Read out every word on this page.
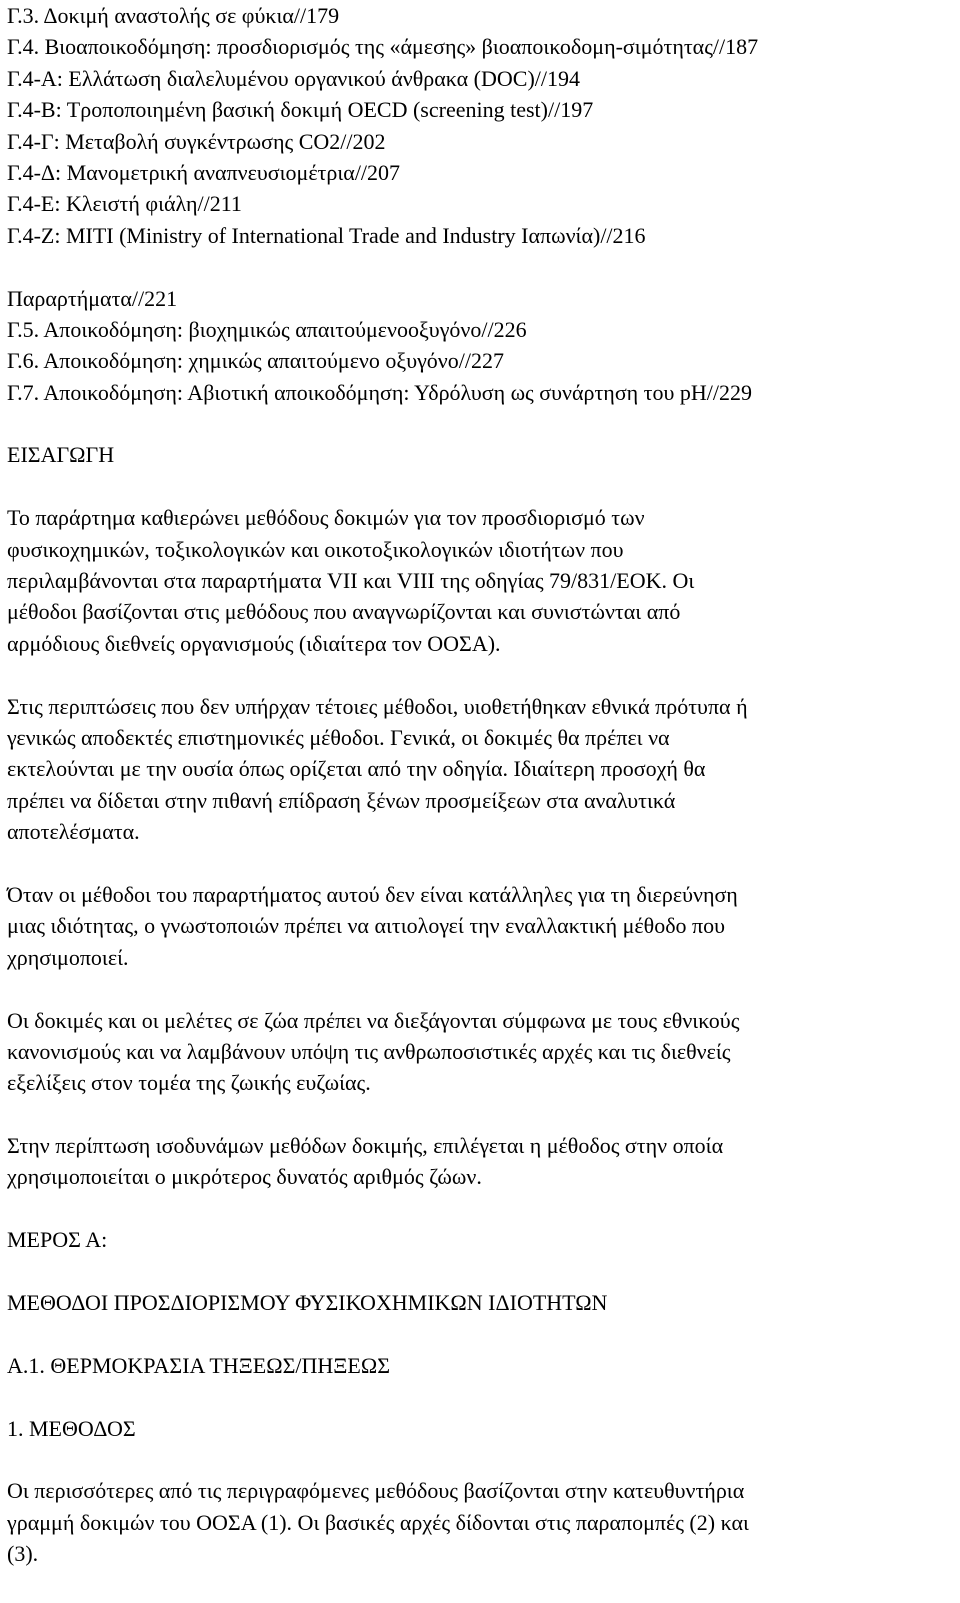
Γ.3. Δοκιμή αναστολής σε φύκια//179
Γ.4. Βιοαποικοδόμηση: προσδιορισμός της «άμεσης» βιοαποικοδομη-σιμότητας//187
Γ.4-Α: Ελλάτωση διαλελυμένου οργανικού άνθρακα (DOC)//194
Γ.4-Β: Τροποποιημένη βασική δοκιμή OECD (screening test)//197
Γ.4-Γ: Μεταβολή συγκέντρωσης CO2//202
Γ.4-Δ: Μανομετρική αναπνευσιομέτρια//207
Γ.4-Ε: Κλειστή φιάλη//211
Γ.4-Ζ: MITI (Ministry of International Trade and Industry Ιαπωνία)//216
Παραρτήματα//221
Γ.5. Αποικοδόμηση: βιοχημικώς απαιτούμενοοξυγόνο//226
Γ.6. Αποικοδόμηση: χημικώς απαιτούμενο οξυγόνο//227
Γ.7. Αποικοδόμηση: Αβιοτική αποικοδόμηση: Υδρόλυση ως συνάρτηση του pH//229
ΕΙΣΑΓΩΓΗ
Το παράρτημα καθιερώνει μεθόδους δοκιμών για τον προσδιορισμό των
φυσικοχημικών, τοξικολογικών και οικοτοξικολογικών ιδιοτήτων που
περιλαμβάνονται στα παραρτήματα VII και VIII της οδηγίας 79/831/ΕΟΚ. Οι
μέθοδοι βασίζονται στις μεθόδους που αναγνωρίζονται και συνιστώνται από
αρμόδιους διεθνείς οργανισμούς (ιδιαίτερα τον ΟΟΣΑ).
Στις περιπτώσεις που δεν υπήρχαν τέτοιες μέθοδοι, υιοθετήθηκαν εθνικά πρότυπα ή
γενικώς αποδεκτές επιστημονικές μέθοδοι. Γενικά, οι δοκιμές θα πρέπει να
εκτελούνται με την ουσία όπως ορίζεται από την οδηγία. Ιδιαίτερη προσοχή θα
πρέπει να δίδεται στην πιθανή επίδραση ξένων προσμείξεων στα αναλυτικά
αποτελέσματα.
Όταν οι μέθοδοι του παραρτήματος αυτού δεν είναι κατάλληλες για τη διερεύνηση
μιας ιδιότητας, ο γνωστοποιών πρέπει να αιτιολογεί την εναλλακτική μέθοδο που
χρησιμοποιεί.
Οι δοκιμές και οι μελέτες σε ζώα πρέπει να διεξάγονται σύμφωνα με τους εθνικούς
κανονισμούς και να λαμβάνουν υπόψη τις ανθρωποσιστικές αρχές και τις διεθνείς
εξελίξεις στον τομέα της ζωικής ευζωίας.
Στην περίπτωση ισοδυνάμων μεθόδων δοκιμής, επιλέγεται η μέθοδος στην οποία
χρησιμοποιείται ο μικρότερος δυνατός αριθμός ζώων.
ΜΕΡΟΣ Α:
ΜΕΘΟΔΟΙ ΠΡΟΣΔΙΟΡΙΣΜΟΥ ΦΥΣΙΚΟΧΗΜΙΚΩΝ ΙΔΙΟΤΗΤΩΝ
Α.1. ΘΕΡΜΟΚΡΑΣΙΑ ΤΗΞΕΩΣ/ΠΗΞΕΩΣ
1. ΜΕΘΟΔΟΣ
Οι περισσότερες από τις περιγραφόμενες μεθόδους βασίζονται στην κατευθυντήρια
γραμμή δοκιμών του ΟΟΣΑ (1). Οι βασικές αρχές δίδονται στις παραπομπές (2) και
(3).
